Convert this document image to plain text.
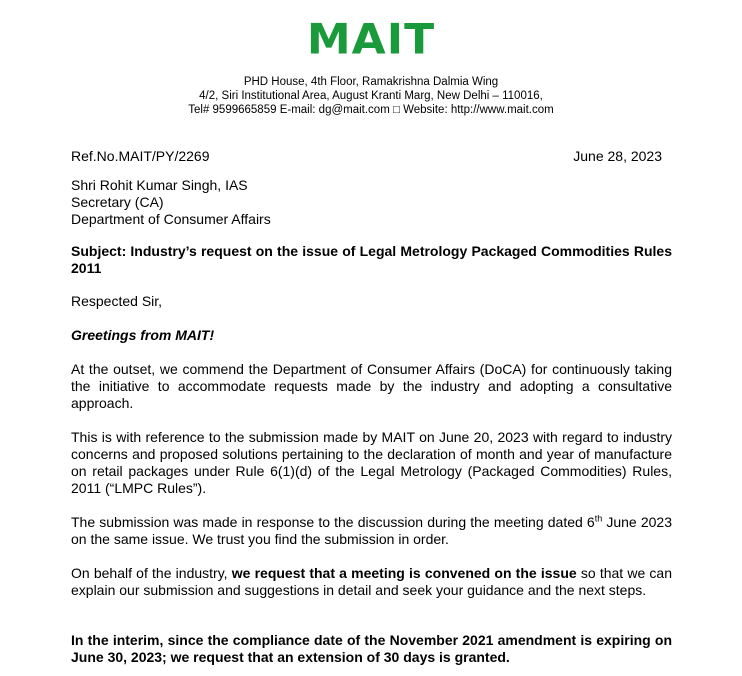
MAIT
PHD House, 4th Floor, Ramakrishna Dalmia Wing
4/2, Siri Institutional Area, August Kranti Marg, New Delhi – 110016,
Tel# 9599665859 E-mail: dg@mait.com □ Website: http://www.mait.com
Ref.No.MAIT/PY/2269	June 28, 2023
Shri Rohit Kumar Singh, IAS
Secretary (CA)
Department of Consumer Affairs
Subject: Industry’s request on the issue of Legal Metrology Packaged Commodities Rules 2011
Respected Sir,
Greetings from MAIT!
At the outset, we commend the Department of Consumer Affairs (DoCA) for continuously taking the initiative to accommodate requests made by the industry and adopting a consultative approach.
This is with reference to the submission made by MAIT on June 20, 2023 with regard to industry concerns and proposed solutions pertaining to the declaration of month and year of manufacture on retail packages under Rule 6(1)(d) of the Legal Metrology (Packaged Commodities) Rules, 2011 (“LMPC Rules”).
The submission was made in response to the discussion during the meeting dated 6th June 2023 on the same issue. We trust you find the submission in order.
On behalf of the industry, we request that a meeting is convened on the issue so that we can explain our submission and suggestions in detail and seek your guidance and the next steps.
In the interim, since the compliance date of the November 2021 amendment is expiring on June 30, 2023; we request that an extension of 30 days is granted.
